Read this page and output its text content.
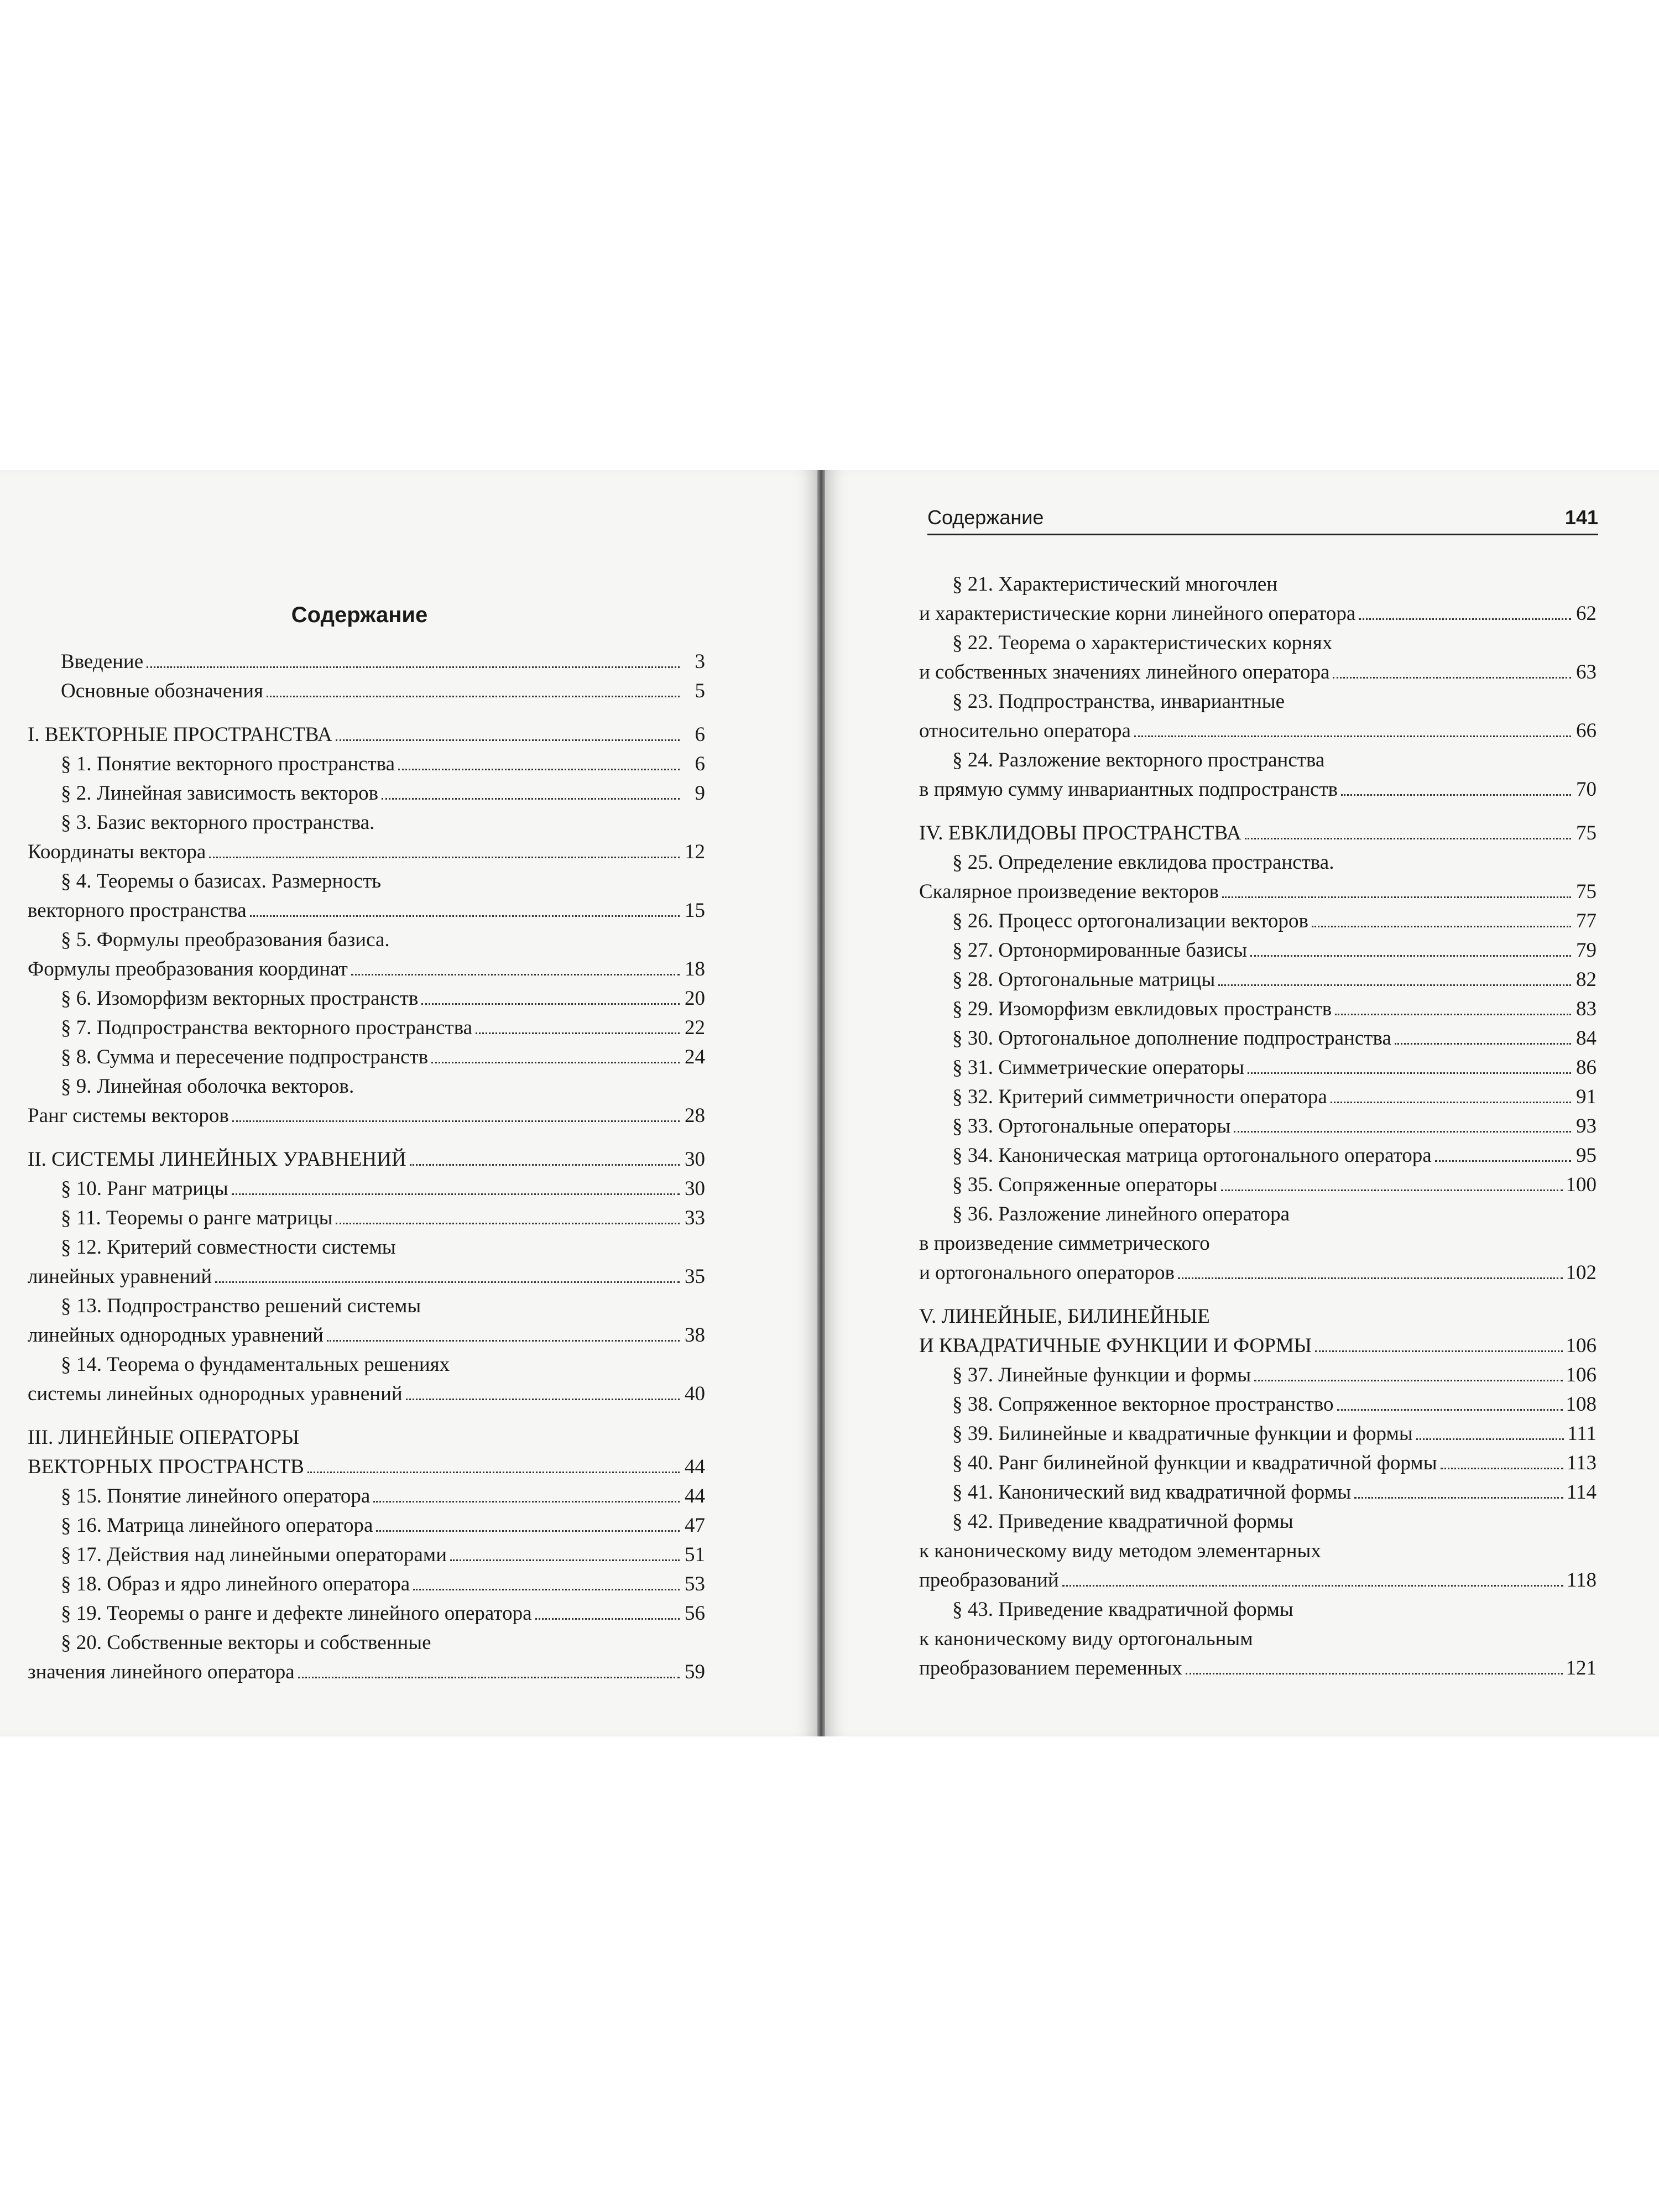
Содержание
Введение	3
Основные обозначения	5
I. ВЕКТОРНЫЕ ПРОСТРАНСТВА	6
§ 1. Понятие векторного пространства	6
§ 2. Линейная зависимость векторов	9
§ 3. Базис векторного пространства.
Координаты вектора	12
§ 4. Теоремы о базисах. Размерность
векторного пространства	15
§ 5. Формулы преобразования базиса.
Формулы преобразования координат	18
§ 6. Изоморфизм векторных пространств	20
§ 7. Подпространства векторного пространства	22
§ 8. Сумма и пересечение подпространств	24
§ 9. Линейная оболочка векторов.
Ранг системы векторов	28
II. СИСТЕМЫ ЛИНЕЙНЫХ УРАВНЕНИЙ	30
§ 10. Ранг матрицы	30
§ 11. Теоремы о ранге матрицы	33
§ 12. Критерий совместности системы
линейных уравнений	35
§ 13. Подпространство решений системы
линейных однородных уравнений	38
§ 14. Теорема о фундаментальных решениях
системы линейных однородных уравнений	40
III. ЛИНЕЙНЫЕ ОПЕРАТОРЫ
ВЕКТОРНЫХ ПРОСТРАНСТВ	44
§ 15. Понятие линейного оператора	44
§ 16. Матрица линейного оператора	47
§ 17. Действия над линейными операторами	51
§ 18. Образ и ядро линейного оператора	53
§ 19. Теоремы о ранге и дефекте линейного оператора	56
§ 20. Собственные векторы и собственные
значения линейного оператора	59
Содержание	141
§ 21. Характеристический многочлен
и характеристические корни линейного оператора	62
§ 22. Теорема о характеристических корнях
и собственных значениях линейного оператора	63
§ 23. Подпространства, инвариантные
относительно оператора	66
§ 24. Разложение векторного пространства
в прямую сумму инвариантных подпространств	70
IV. ЕВКЛИДОВЫ ПРОСТРАНСТВА	75
§ 25. Определение евклидова пространства.
Скалярное произведение векторов	75
§ 26. Процесс ортогонализации векторов	77
§ 27. Ортонормированные базисы	79
§ 28. Ортогональные матрицы	82
§ 29. Изоморфизм евклидовых пространств	83
§ 30. Ортогональное дополнение подпространства	84
§ 31. Симметрические операторы	86
§ 32. Критерий симметричности оператора	91
§ 33. Ортогональные операторы	93
§ 34. Каноническая матрица ортогонального оператора	95
§ 35. Сопряженные операторы	100
§ 36. Разложение линейного оператора
в произведение симметрического
и ортогонального операторов	102
V. ЛИНЕЙНЫЕ, БИЛИНЕЙНЫЕ
И КВАДРАТИЧНЫЕ ФУНКЦИИ И ФОРМЫ	106
§ 37. Линейные функции и формы	106
§ 38. Сопряженное векторное пространство	108
§ 39. Билинейные и квадратичные функции и формы	111
§ 40. Ранг билинейной функции и квадратичной формы	113
§ 41. Канонический вид квадратичной формы	114
§ 42. Приведение квадратичной формы
к каноническому виду методом элементарных
преобразований	118
§ 43. Приведение квадратичной формы
к каноническому виду ортогональным
преобразованием переменных	121
